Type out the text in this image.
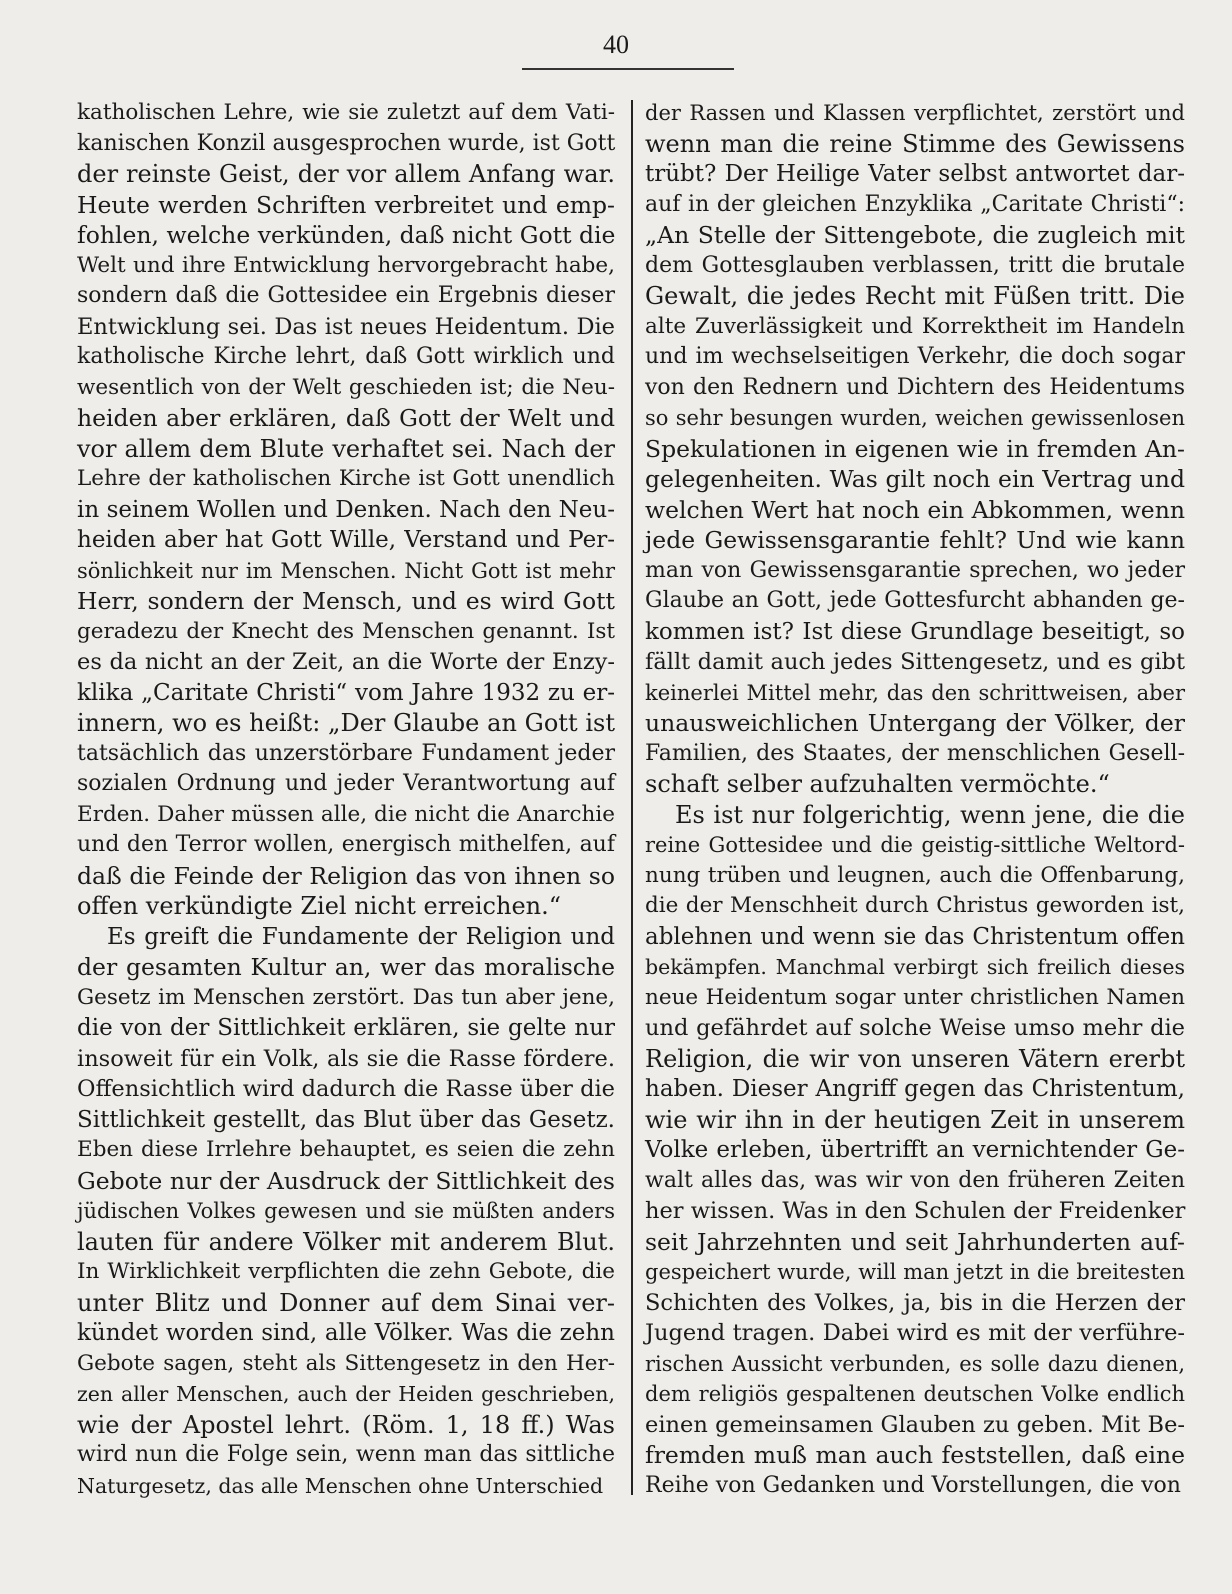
40
katholischen Lehre, wie sie zuletzt auf dem Vati-
kanischen Konzil ausgesprochen wurde, ist Gott
der reinste Geist, der vor allem Anfang war.
Heute werden Schriften verbreitet und emp-
fohlen, welche verkünden, daß nicht Gott die
Welt und ihre Entwicklung hervorgebracht habe,
sondern daß die Gottesidee ein Ergebnis dieser
Entwicklung sei. Das ist neues Heidentum. Die
katholische Kirche lehrt, daß Gott wirklich und
wesentlich von der Welt geschieden ist; die Neu-
heiden aber erklären, daß Gott der Welt und
vor allem dem Blute verhaftet sei. Nach der
Lehre der katholischen Kirche ist Gott unendlich
in seinem Wollen und Denken. Nach den Neu-
heiden aber hat Gott Wille, Verstand und Per-
sönlichkeit nur im Menschen. Nicht Gott ist mehr
Herr, sondern der Mensch, und es wird Gott
geradezu der Knecht des Menschen genannt. Ist
es da nicht an der Zeit, an die Worte der Enzy-
klika „Caritate Christi“ vom Jahre 1932 zu er-
innern, wo es heißt: „Der Glaube an Gott ist
tatsächlich das unzerstörbare Fundament jeder
sozialen Ordnung und jeder Verantwortung auf
Erden. Daher müssen alle, die nicht die Anarchie
und den Terror wollen, energisch mithelfen, auf
daß die Feinde der Religion das von ihnen so
offen verkündigte Ziel nicht erreichen.“
Es greift die Fundamente der Religion und
der gesamten Kultur an, wer das moralische
Gesetz im Menschen zerstört. Das tun aber jene,
die von der Sittlichkeit erklären, sie gelte nur
insoweit für ein Volk, als sie die Rasse fördere.
Offensichtlich wird dadurch die Rasse über die
Sittlichkeit gestellt, das Blut über das Gesetz.
Eben diese Irrlehre behauptet, es seien die zehn
Gebote nur der Ausdruck der Sittlichkeit des
jüdischen Volkes gewesen und sie müßten anders
lauten für andere Völker mit anderem Blut.
In Wirklichkeit verpflichten die zehn Gebote, die
unter Blitz und Donner auf dem Sinai ver-
kündet worden sind, alle Völker. Was die zehn
Gebote sagen, steht als Sittengesetz in den Her-
zen aller Menschen, auch der Heiden geschrieben,
wie der Apostel lehrt. (Röm. 1, 18 ff.) Was
wird nun die Folge sein, wenn man das sittliche
Naturgesetz, das alle Menschen ohne Unterschied
der Rassen und Klassen verpflichtet, zerstört und
wenn man die reine Stimme des Gewissens
trübt? Der Heilige Vater selbst antwortet dar-
auf in der gleichen Enzyklika „Caritate Christi“:
„An Stelle der Sittengebote, die zugleich mit
dem Gottesglauben verblassen, tritt die brutale
Gewalt, die jedes Recht mit Füßen tritt. Die
alte Zuverlässigkeit und Korrektheit im Handeln
und im wechselseitigen Verkehr, die doch sogar
von den Rednern und Dichtern des Heidentums
so sehr besungen wurden, weichen gewissenlosen
Spekulationen in eigenen wie in fremden An-
gelegenheiten. Was gilt noch ein Vertrag und
welchen Wert hat noch ein Abkommen, wenn
jede Gewissensgarantie fehlt? Und wie kann
man von Gewissensgarantie sprechen, wo jeder
Glaube an Gott, jede Gottesfurcht abhanden ge-
kommen ist? Ist diese Grundlage beseitigt, so
fällt damit auch jedes Sittengesetz, und es gibt
keinerlei Mittel mehr, das den schrittweisen, aber
unausweichlichen Untergang der Völker, der
Familien, des Staates, der menschlichen Gesell-
schaft selber aufzuhalten vermöchte.“
Es ist nur folgerichtig, wenn jene, die die
reine Gottesidee und die geistig-sittliche Weltord-
nung trüben und leugnen, auch die Offenbarung,
die der Menschheit durch Christus geworden ist,
ablehnen und wenn sie das Christentum offen
bekämpfen. Manchmal verbirgt sich freilich dieses
neue Heidentum sogar unter christlichen Namen
und gefährdet auf solche Weise umso mehr die
Religion, die wir von unseren Vätern ererbt
haben. Dieser Angriff gegen das Christentum,
wie wir ihn in der heutigen Zeit in unserem
Volke erleben, übertrifft an vernichtender Ge-
walt alles das, was wir von den früheren Zeiten
her wissen. Was in den Schulen der Freidenker
seit Jahrzehnten und seit Jahrhunderten auf-
gespeichert wurde, will man jetzt in die breitesten
Schichten des Volkes, ja, bis in die Herzen der
Jugend tragen. Dabei wird es mit der verführe-
rischen Aussicht verbunden, es solle dazu dienen,
dem religiös gespaltenen deutschen Volke endlich
einen gemeinsamen Glauben zu geben. Mit Be-
fremden muß man auch feststellen, daß eine
Reihe von Gedanken und Vorstellungen, die von
